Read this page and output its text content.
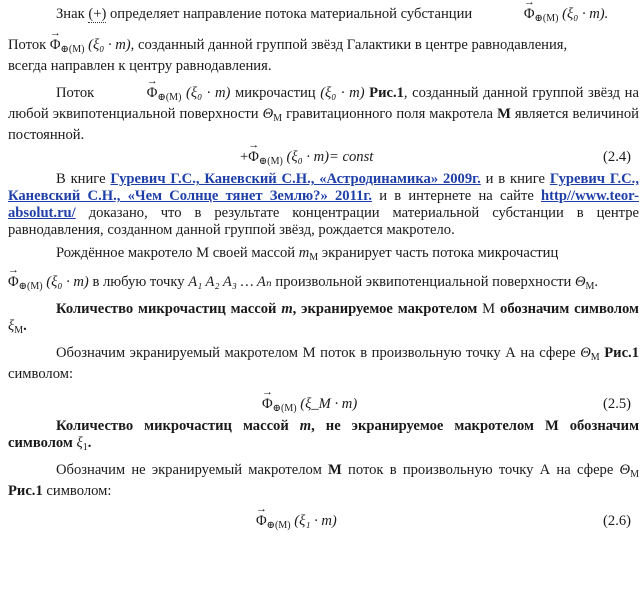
Знак (+) определяет направление потока материальной субстанции	→ $\Phi_{\oplus(M)}$ (ξ₀ · m).

Поток → $\Phi_{\oplus(M)}$ (ξ₀ · m), созданный данной группой звёзд Галактики в центре равнодавления,
всегда направлен к центру равнодавления.

Поток	→ $\Phi_{\oplus(M)}$ (ξ₀ · m) микрочастиц (ξ₀ · m) Рис.1, созданный данной группой звёзд на любой эквипотенциальной поверхности $\Theta_M$ гравитационного поля макротела M является величиной постоянной.

+→ $\Phi_{\oplus(M)}$ (ξ₀ · m)= const	(2.4)

В книге Гуревич Г.С., Каневский С.Н., «Астродинамика» 2009г. и в книге Гуревич Г.С., Каневский С.Н., «Чем Солнце тянет Землю?» 2011г. и в интернете на сайте http//www.teor-absolut.ru/ доказано, что в результате концентрации материальной субстанции в центре равнодавления, созданном данной группой звёзд, рождается макротело.

Рождённое макротело М своей массой $m_M$ экранирует часть потока микрочастиц

→ $\Phi_{\oplus(M)}$ (ξ₀ · m) в любую точку A₁ A₂ A₃ … Aₙ произвольной эквипотенциальной поверхности $\Theta_M$.

Количество микрочастиц массой m, экранируемое макротелом М обозначим символом $\xi_M$.

Обозначим экранируемый макротелом М поток в произвольную точку А на сфере $\Theta_M$ Рис.1 символом:

→ $\Phi_{\oplus(M)}$ (ξ_M · m)	(2.5)

Количество микрочастиц массой m, не экранируемое макротелом М обозначим символом $\xi_1$.

Обозначим не экранируемый макротелом М поток в произвольную точку А на сфере $\Theta_M$ Рис.1 символом:

→ $\Phi_{\oplus(M)}$ (ξ₁ · m)	(2.6)
